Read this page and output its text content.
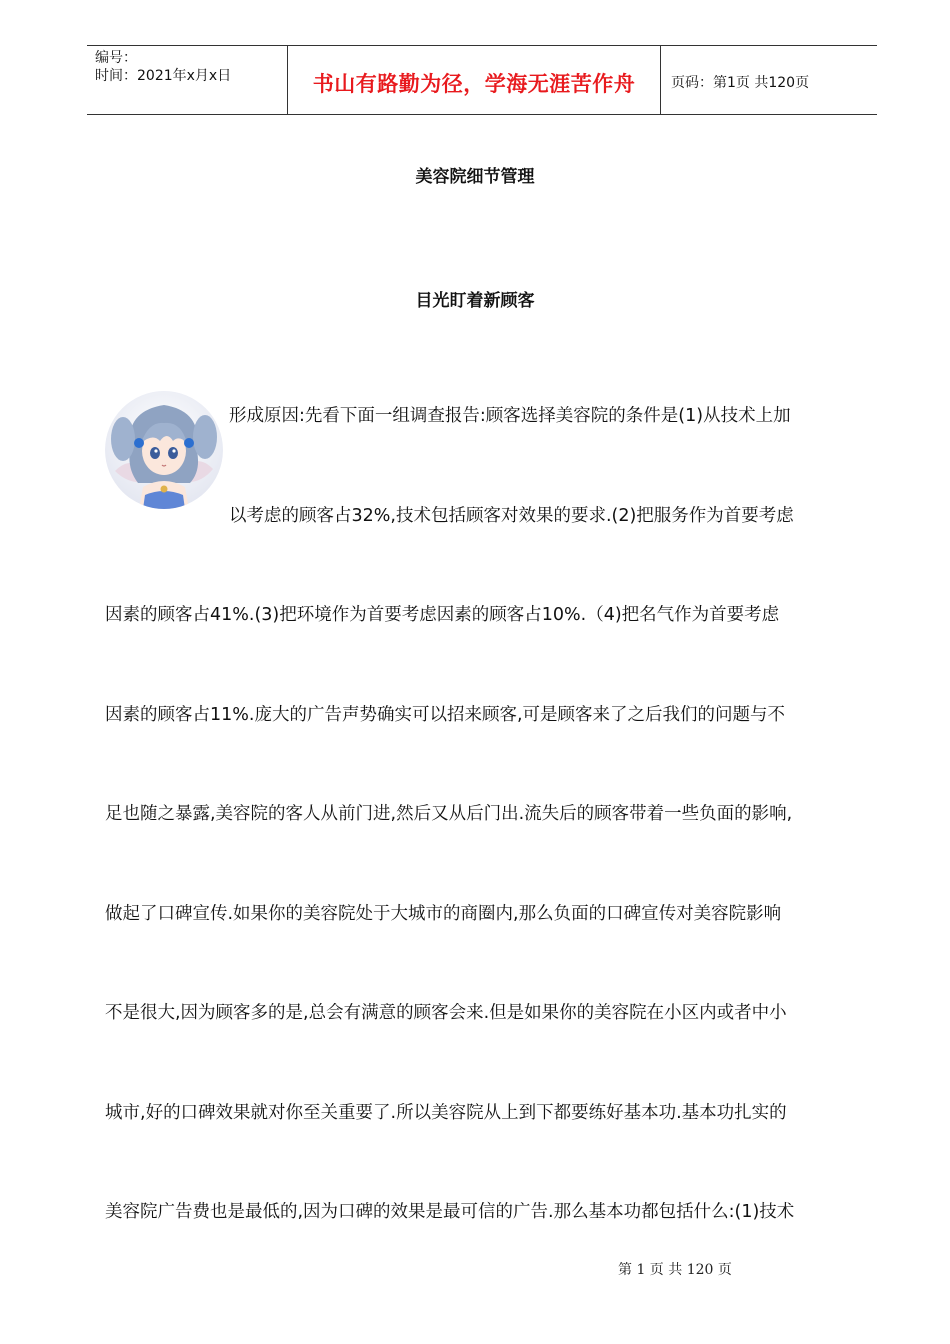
编号：
时间：2021年x月x日	书山有路勤为径，学海无涯苦作舟	页码：第1页 共120页
美容院细节管理
目光盯着新顾客
形成原因:先看下面一组调查报告:顾客选择美容院的条件是(1)从技术上加
以考虑的顾客占32%,技术包括顾客对效果的要求.(2)把服务作为首要考虑
因素的顾客占41%.(3)把环境作为首要考虑因素的顾客占10%.（4)把名气作为首要考虑
因素的顾客占11%.庞大的广告声势确实可以招来顾客,可是顾客来了之后我们的问题与不
足也随之暴露,美容院的客人从前门进,然后又从后门出.流失后的顾客带着一些负面的影响,
做起了口碑宣传.如果你的美容院处于大城市的商圈内,那么负面的口碑宣传对美容院影响
不是很大,因为顾客多的是,总会有满意的顾客会来.但是如果你的美容院在小区内或者中小
城市,好的口碑效果就对你至关重要了.所以美容院从上到下都要练好基本功.基本功扎实的
美容院广告费也是最低的,因为口碑的效果是最可信的广告.那么基本功都包括什么:(1)技术
第 1 页 共 120 页
